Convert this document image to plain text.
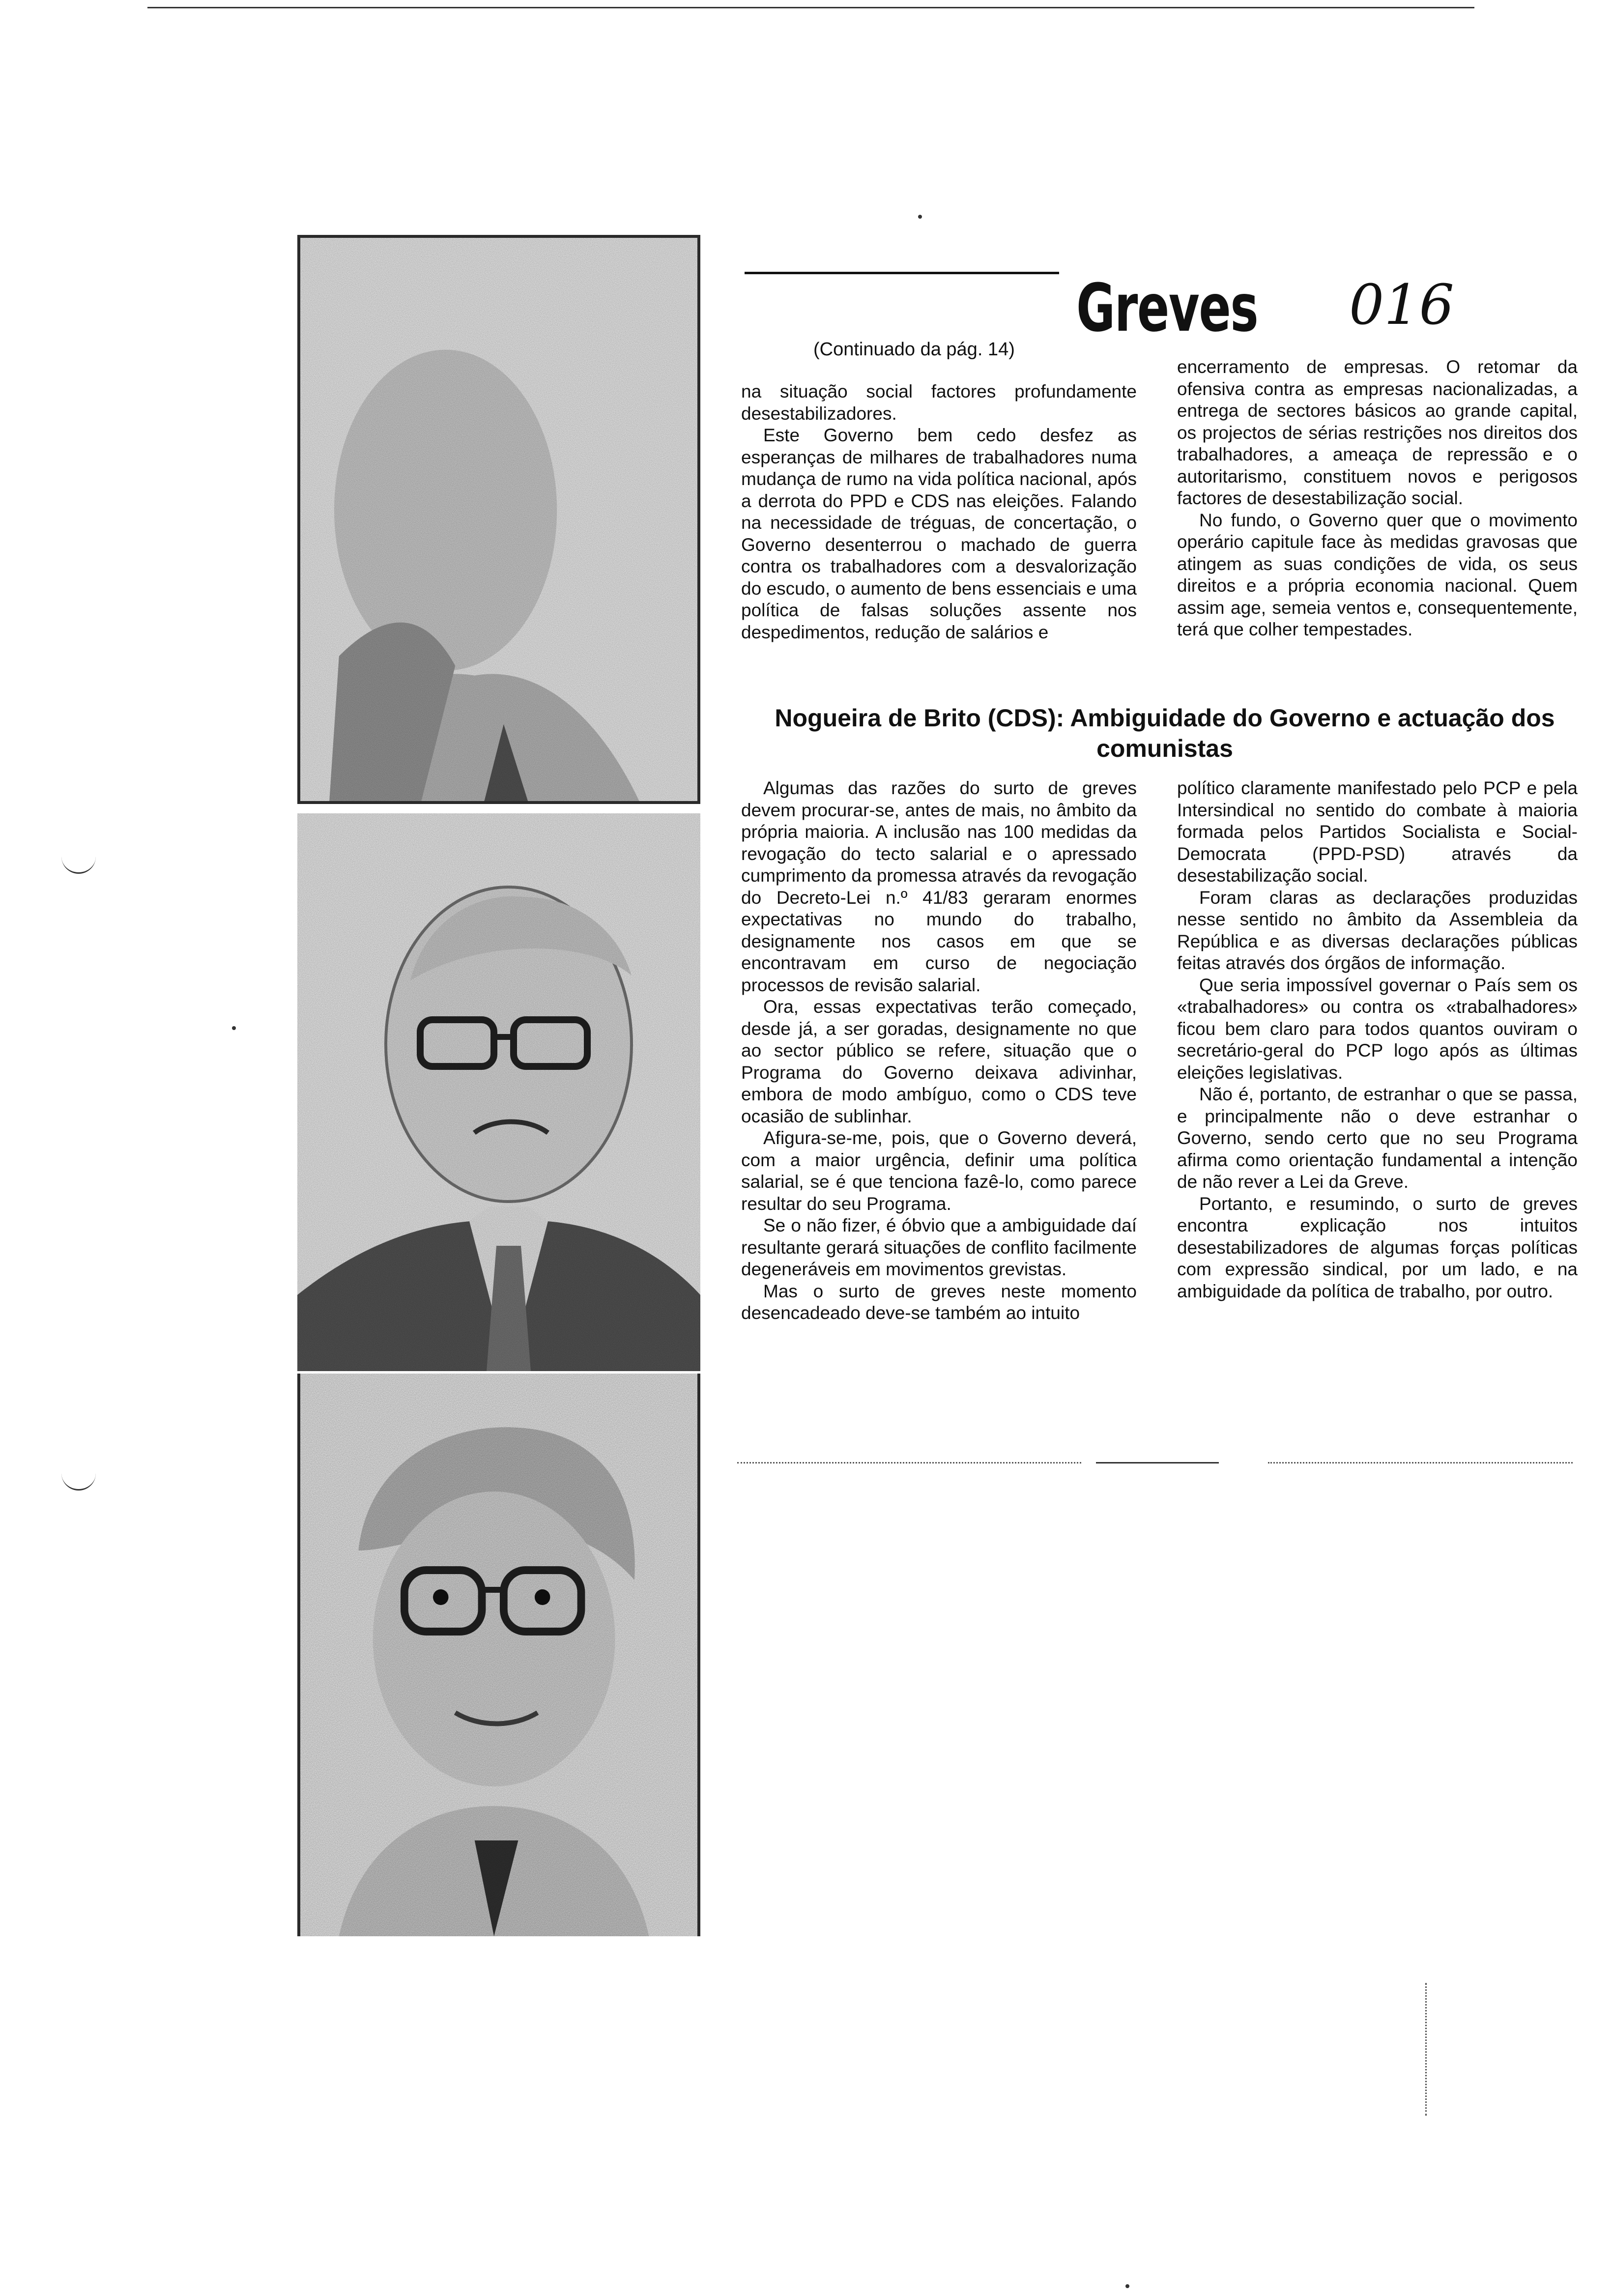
Greves 016
(Continuado da pág. 14)

na situação social factores profundamente desestabilizadores.

Este Governo bem cedo desfez as esperanças de milhares de trabalhadores numa mudança de rumo na vida política nacional, após a derrota do PPD e CDS nas eleições. Falando na necessidade de tréguas, de concertação, o Governo desenterrou o machado de guerra contra os trabalhadores com a desvalorização do escudo, o aumento de bens essenciais e uma política de falsas soluções assente nos despedimentos, redução de salários e

encerramento de empresas. O retomar da ofensiva contra as empresas nacionalizadas, a entrega de sectores básicos ao grande capital, os projectos de sérias restrições nos direitos dos trabalhadores, a ameaça de repressão e o autoritarismo, constituem novos e perigosos factores de desestabilização social.

No fundo, o Governo quer que o movimento operário capitule face às medidas gravosas que atingem as suas condições de vida, os seus direitos e a própria economia nacional. Quem assim age, semeia ventos e, consequentemente, terá que colher tempestades.

Nogueira de Brito (CDS): Ambiguidade do Governo e actuação dos comunistas

Algumas das razões do surto de greves devem procurar-se, antes de mais, no âmbito da própria maioria. A inclusão nas 100 medidas da revogação do tecto salarial e o apressado cumprimento da promessa através da revogação do Decreto-Lei n.º 41/83 geraram enormes expectativas no mundo do trabalho, designamente nos casos em que se encontravam em curso de negociação processos de revisão salarial.

Ora, essas expectativas terão começado, desde já, a ser goradas, designamente no que ao sector público se refere, situação que o Programa do Governo deixava adivinhar, embora de modo ambíguo, como o CDS teve ocasião de sublinhar.

Afigura-se-me, pois, que o Governo deverá, com a maior urgência, definir uma política salarial, se é que tenciona fazê-lo, como parece resultar do seu Programa.

Se o não fizer, é óbvio que a ambiguidade daí resultante gerará situações de conflito facilmente degeneráveis em movimentos grevistas.

Mas o surto de greves neste momento desencadeado deve-se também ao intuito

político claramente manifestado pelo PCP e pela Intersindical no sentido do combate à maioria formada pelos Partidos Socialista e Social-Democrata (PPD-PSD) através da desestabilização social.

Foram claras as declarações produzidas nesse sentido no âmbito da Assembleia da República e as diversas declarações públicas feitas através dos órgãos de informação.

Que seria impossível governar o País sem os «trabalhadores» ou contra os «trabalhadores» ficou bem claro para todos quantos ouviram o secretário-geral do PCP logo após as últimas eleições legislativas.

Não é, portanto, de estranhar o que se passa, e principalmente não o deve estranhar o Governo, sendo certo que no seu Programa afirma como orientação fundamental a intenção de não rever a Lei da Greve.

Portanto, e resumindo, o surto de greves encontra explicação nos intuitos desestabilizadores de algumas forças políticas com expressão sindical, por um lado, e na ambiguidade da política de trabalho, por outro.
